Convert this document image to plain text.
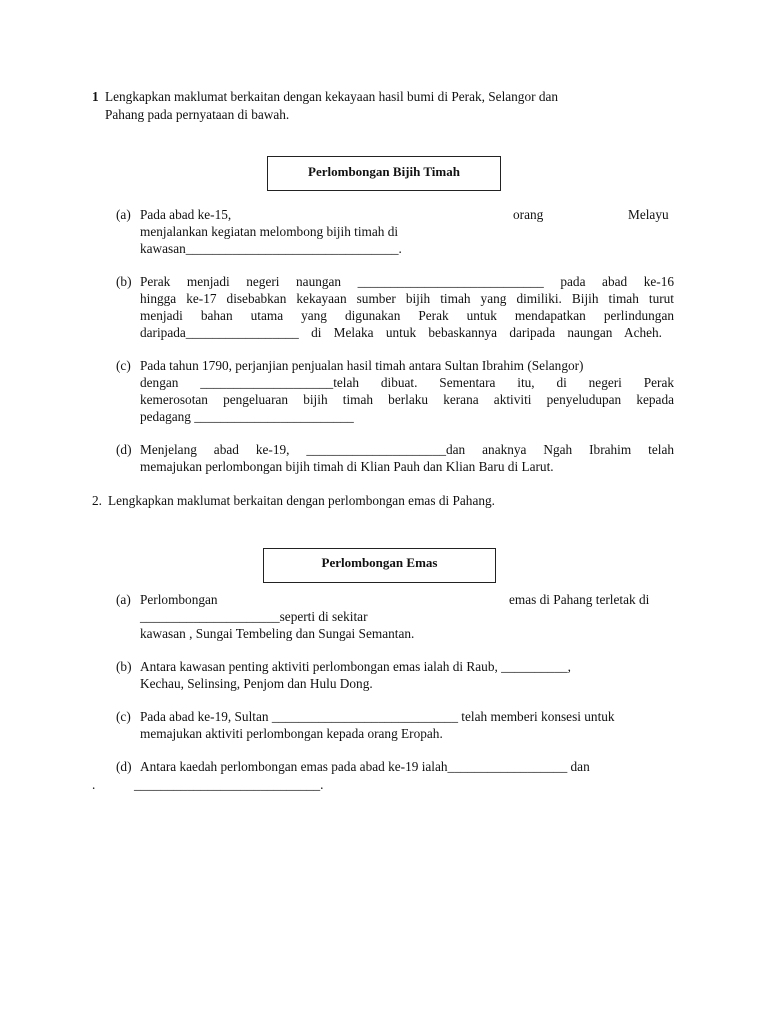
1 Lengkapkan maklumat berkaitan dengan kekayaan hasil bumi di Perak, Selangor dan
Pahang pada pernyataan di bawah.
Perlombongan Bijih Timah
(a) Pada abad ke-15,	orang	Melayu
menjalankan kegiatan melombong bijih timah di
kawasan________________________________.
(b) Perak menjadi negeri naungan ____________________________ pada abad ke-16
hingga ke-17 disebabkan kekayaan sumber bijih timah yang dimiliki. Bijih timah turut
menjadi bahan utama yang digunakan Perak untuk mendapatkan perlindungan
daripada_________________ di Melaka untuk bebaskannya daripada naungan Acheh.
(c) Pada tahun 1790, perjanjian penjualan hasil timah antara Sultan Ibrahim (Selangor)
dengan ____________________telah dibuat. Sementara itu, di negeri Perak
kemerosotan pengeluaran bijih timah berlaku kerana aktiviti penyeludupan kepada
pedagang ________________________
(d) Menjelang abad ke-19, _____________________dan anaknya Ngah Ibrahim telah
memajukan perlombongan bijih timah di Klian Pauh dan Klian Baru di Larut.
2. Lengkapkan maklumat berkaitan dengan perlombongan emas di Pahang.
Perlombongan Emas
(a) Perlombongan	emas di Pahang terletak di
_____________________seperti di sekitar
kawasan , Sungai Tembeling dan Sungai Semantan.
(b) Antara kawasan penting aktiviti perlombongan emas ialah di Raub, __________,
Kechau, Selinsing, Penjom dan Hulu Dong.
(c) Pada abad ke-19, Sultan ____________________________ telah memberi konsesi untuk
memajukan aktiviti perlombongan kepada orang Eropah.
(d) Antara kaedah perlombongan emas pada abad ke-19 ialah__________________ dan
.	____________________________.
